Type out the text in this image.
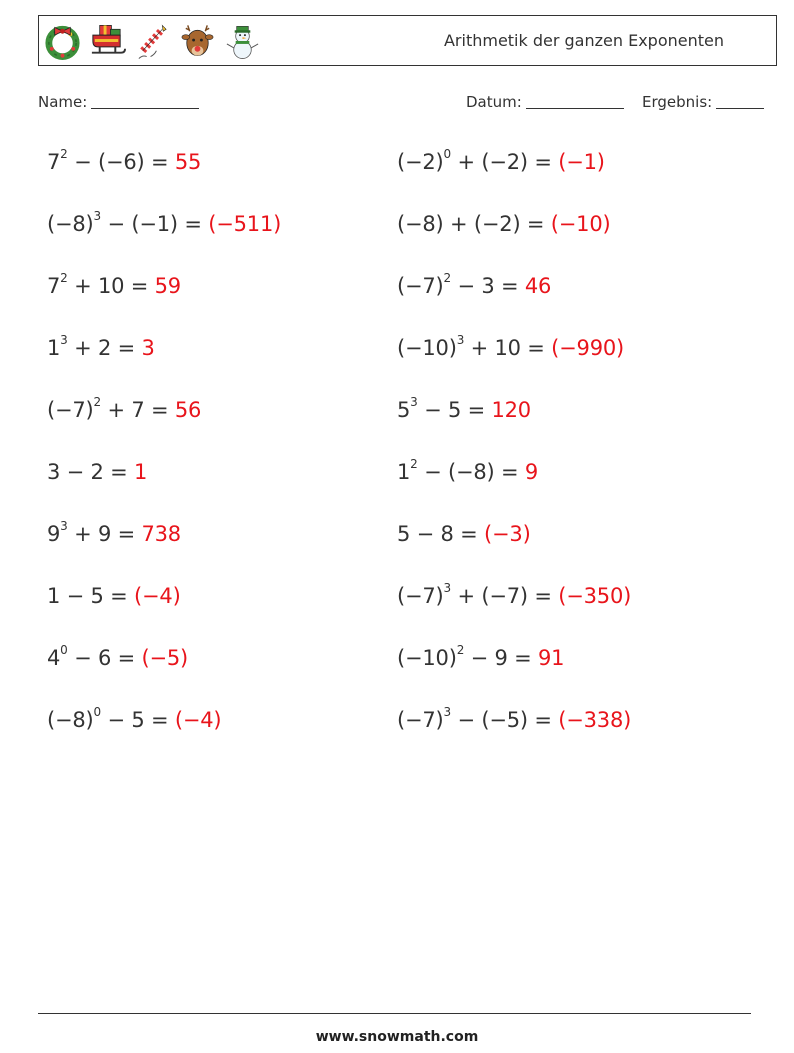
Arithmetik der ganzen Exponenten
Name:	Datum:	Ergebnis:
$7^2 - (-6) = 55$
$(-8)^3 - (-1) = (-511)$
$7^2 + 10 = 59$
$1^3 + 2 = 3$
$(-7)^2 + 7 = 56$
3 − 2 = 1
$9^3 + 9 = 738$
1 − 5 = (−4)
$4^0 - 6 = (-5)$
$(-8)^0 - 5 = (-4)$
$(-2)^0 + (-2) = (-1)$
(−8) + (−2) = (−10)
$(-7)^2 - 3 = 46$
$(-10)^3 + 10 = (-990)$
$5^3 - 5 = 120$
$1^2 - (-8) = 9$
5 − 8 = (−3)
$(-7)^3 + (-7) = (-350)$
$(-10)^2 - 9 = 91$
$(-7)^3 - (-5) = (-338)$
www.snowmath.com
